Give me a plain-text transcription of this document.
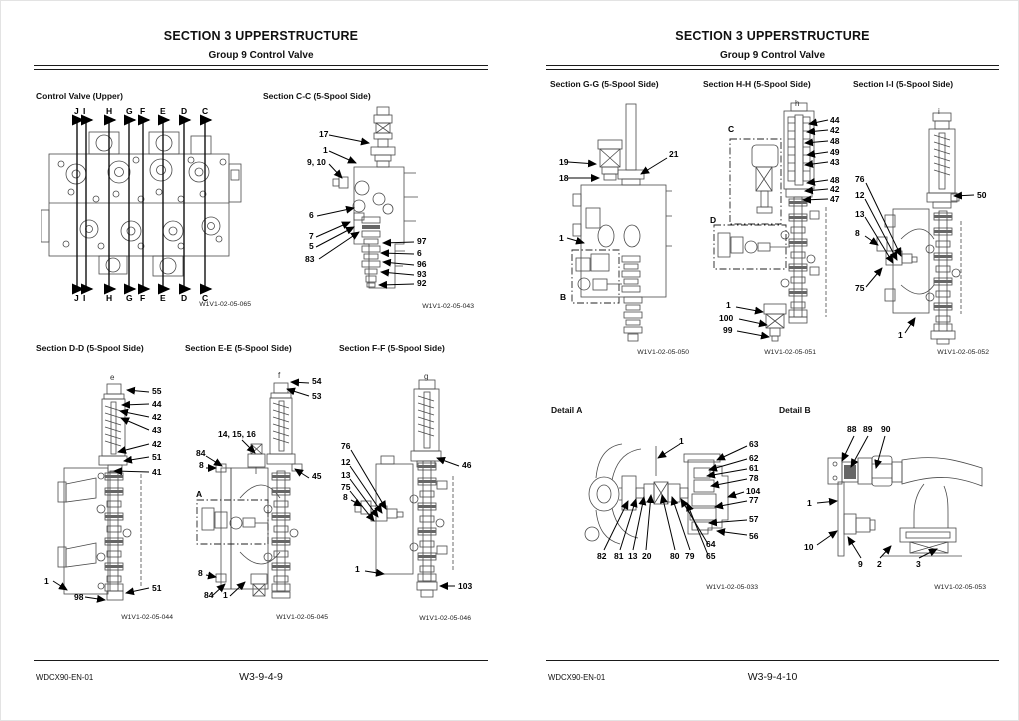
SECTION 3 UPPERSTRUCTURE
Group 9 Control Valve
Control Valve (Upper)	Section C-C (5-Spool Side)
J I H G F E D C
J I H G F E D C
W1V1-02-05-065
17
1
9, 10
6
7
5
83
97
6
96
93
92
W1V1-02-05-043
Section D-D (5-Spool Side)	Section E-E (5-Spool Side)	Section F-F (5-Spool Side)
e
55
44
42
43
42
51
41
1
51
98
W1V1-02-05-044
f
54
53
14, 15, 16
84
8
A
45
8
84 1
W1V1-02-05-045
g
76
12
13
75
8
46
1
103
W1V1-02-05-046
WDCX90-EN-01	W3-9-4-9
SECTION 3 UPPERSTRUCTURE
Group 9 Control Valve
Section G-G (5-Spool Side)	Section H-H (5-Spool Side)	Section I-I (5-Spool Side)
19
18
21
1
B
W1V1-02-05-050
h
44
42
48
49
43
48
42
47
C
D
1
100
99
W1V1-02-05-051
i
76
12
13
8
75
50
1
W1V1-02-05-052
Detail A	Detail B
1	63
62
61
78
104
77
57
56
82 81 13 20 80 79
64
65
W1V1-02-05-033
88 89 90
1
10
9 2	3
W1V1-02-05-053
WDCX90-EN-01	W3-9-4-10
